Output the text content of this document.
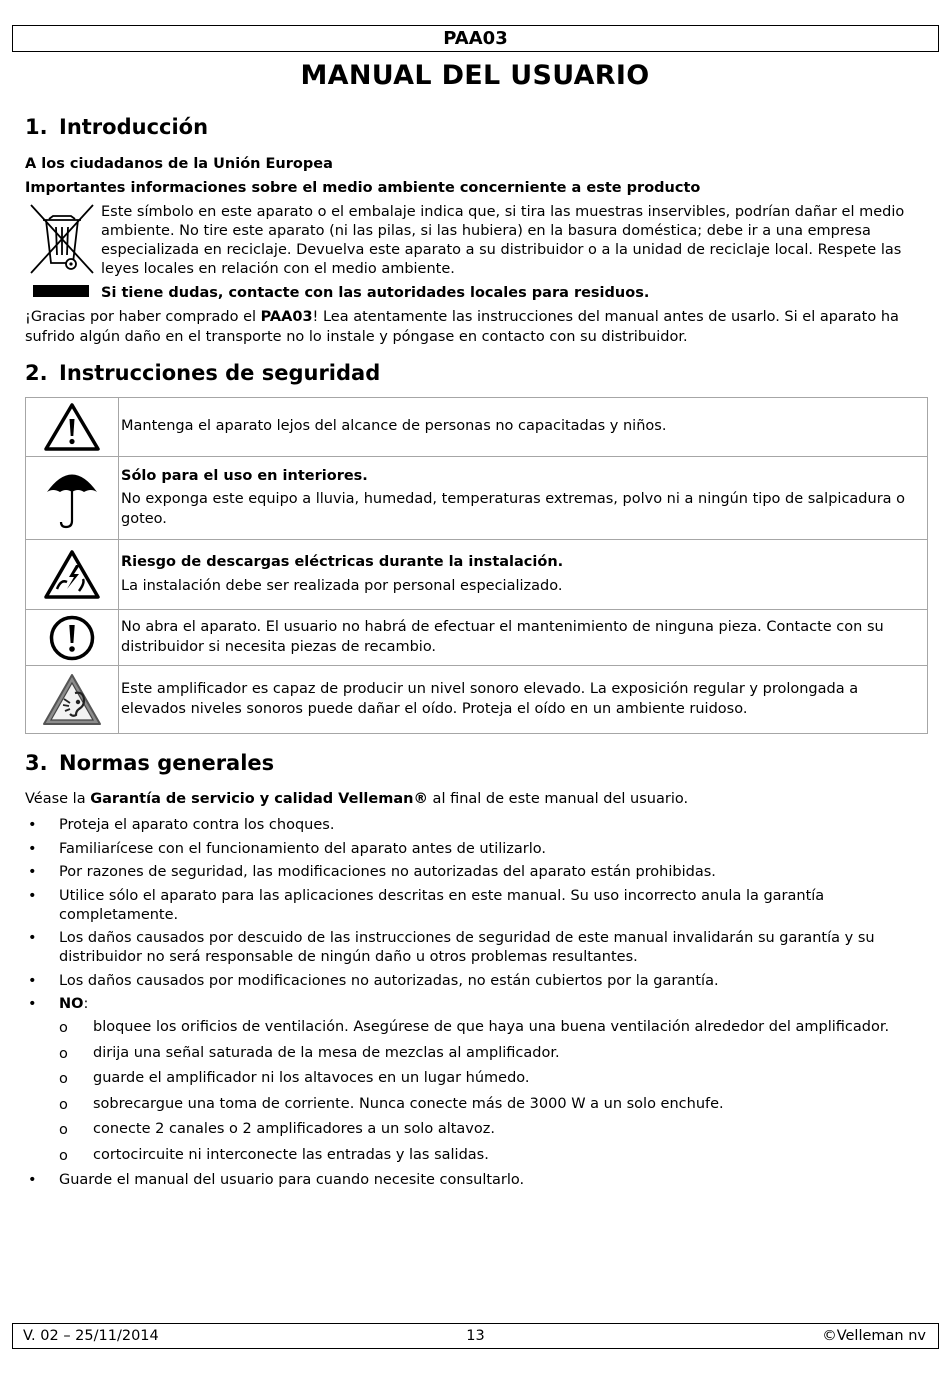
PAA03
MANUAL DEL USUARIO
1. Introducción
A los ciudadanos de la Unión Europea
Importantes informaciones sobre el medio ambiente concerniente a este producto
Este símbolo en este aparato o el embalaje indica que, si tira las muestras inservibles, podrían dañar el medio ambiente. No tire este aparato (ni las pilas, si las hubiera) en la basura doméstica; debe ir a una empresa especializada en reciclaje. Devuelva este aparato a su distribuidor o a la unidad de reciclaje local. Respete las leyes locales en relación con el medio ambiente.
Si tiene dudas, contacte con las autoridades locales para residuos.
¡Gracias por haber comprado el PAA03! Lea atentamente las instrucciones del manual antes de usarlo. Si el aparato ha sufrido algún daño en el transporte no lo instale y póngase en contacto con su distribuidor.
2. Instrucciones de seguridad

Mantenga el aparato lejos del alcance de personas no capacitadas y niños.

Sólo para el uso en interiores.
No exponga este equipo a lluvia, humedad, temperaturas extremas, polvo ni a ningún tipo de salpicadura o goteo.

Riesgo de descargas eléctricas durante la instalación.
La instalación debe ser realizada por personal especializado.

No abra el aparato. El usuario no habrá de efectuar el mantenimiento de ninguna pieza. Contacte con su distribuidor si necesita piezas de recambio.

Este amplificador es capaz de producir un nivel sonoro elevado. La exposición regular y prolongada a elevados niveles sonoros puede dañar el oído. Proteja el oído en un ambiente ruidoso.
3. Normas generales
Véase la Garantía de servicio y calidad Velleman® al final de este manual del usuario.
• Proteja el aparato contra los choques.
• Familiarícese con el funcionamiento del aparato antes de utilizarlo.
• Por razones de seguridad, las modificaciones no autorizadas del aparato están prohibidas.
• Utilice sólo el aparato para las aplicaciones descritas en este manual. Su uso incorrecto anula la garantía completamente.
• Los daños causados por descuido de las instrucciones de seguridad de este manual invalidarán su garantía y su distribuidor no será responsable de ningún daño u otros problemas resultantes.
• Los daños causados por modificaciones no autorizadas, no están cubiertos por la garantía.
• NO:
o bloquee los orificios de ventilación. Asegúrese de que haya una buena ventilación alrededor del amplificador.
o dirija una señal saturada de la mesa de mezclas al amplificador.
o guarde el amplificador ni los altavoces en un lugar húmedo.
o sobrecargue una toma de corriente. Nunca conecte más de 3000 W a un solo enchufe.
o conecte 2 canales o 2 amplificadores a un solo altavoz.
o cortocircuite ni interconecte las entradas y las salidas.
• Guarde el manual del usuario para cuando necesite consultarlo.
V. 02 – 25/11/2014	13	©Velleman nv
